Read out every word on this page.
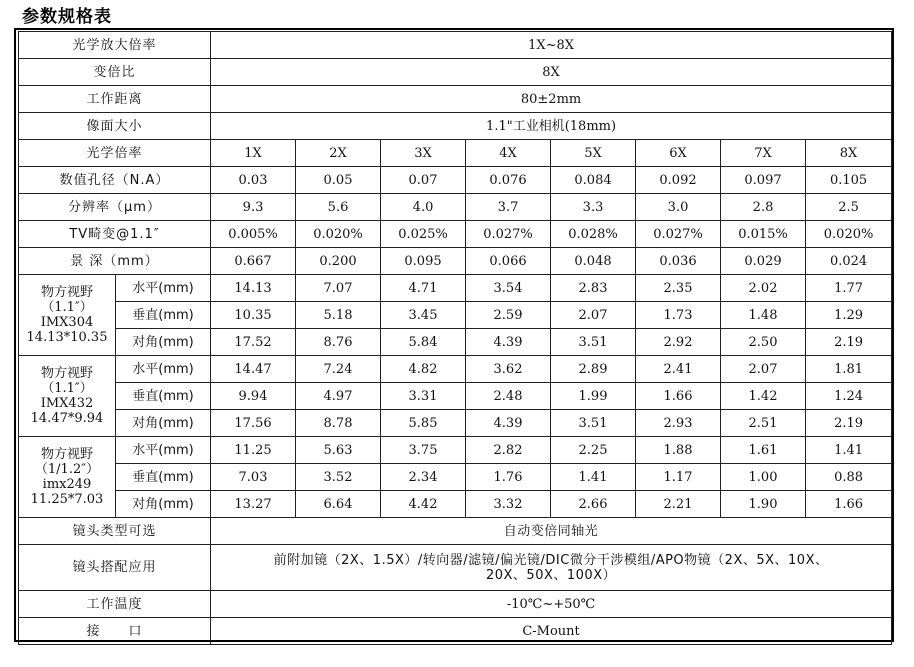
参数规格表
光学放大倍率		1X~8X							
变倍比		8X							
工作距离		80±2mm							
像面大小		1.1"工业相机(18mm)							
光学倍率		1X	2X	3X	4X	5X	6X	7X	8X
数值孔径（N.A）		0.03	0.05	0.07	0.076	0.084	0.092	0.097	0.105
分辨率（μm）		9.3	5.6	4.0	3.7	3.3	3.0	2.8	2.5
TV畸变@1.1″		0.005%	0.020%	0.025%	0.027%	0.028%	0.027%	0.015%	0.020%
景 深（mm）		0.667	0.200	0.095	0.066	0.048	0.036	0.029	0.024

物方视野
（1.1″）
IMX304
14.13*10.35	水平(mm)	14.13	7.07	4.71	3.54	2.83	2.35	2.02	1.77
	垂直(mm)	10.35	5.18	3.45	2.59	2.07	1.73	1.48	1.29
	对角(mm)	17.52	8.76	5.84	4.39	3.51	2.92	2.50	2.19

物方视野
（1.1″）
IMX432
14.47*9.94	水平(mm)	14.47	7.24	4.82	3.62	2.89	2.41	2.07	1.81
	垂直(mm)	9.94	4.97	3.31	2.48	1.99	1.66	1.42	1.24
	对角(mm)	17.56	8.78	5.85	4.39	3.51	2.93	2.51	2.19

物方视野
（1/1.2″）
imx249
11.25*7.03	水平(mm)	11.25	5.63	3.75	2.82	2.25	1.88	1.61	1.41
	垂直(mm)	7.03	3.52	2.34	1.76	1.41	1.17	1.00	0.88
	对角(mm)	13.27	6.64	4.42	3.32	2.66	2.21	1.90	1.66
镜头类型可选		自动变倍同轴光							
镜头搭配应用		前附加镜（2X、1.5X）/转向器/滤镜/偏光镜/DIC微分干涉模组/APO物镜（2X、5X、10X、
20X、50X、100X）							

工作温度		-10℃~+50℃							
接　　口		C-Mount							
